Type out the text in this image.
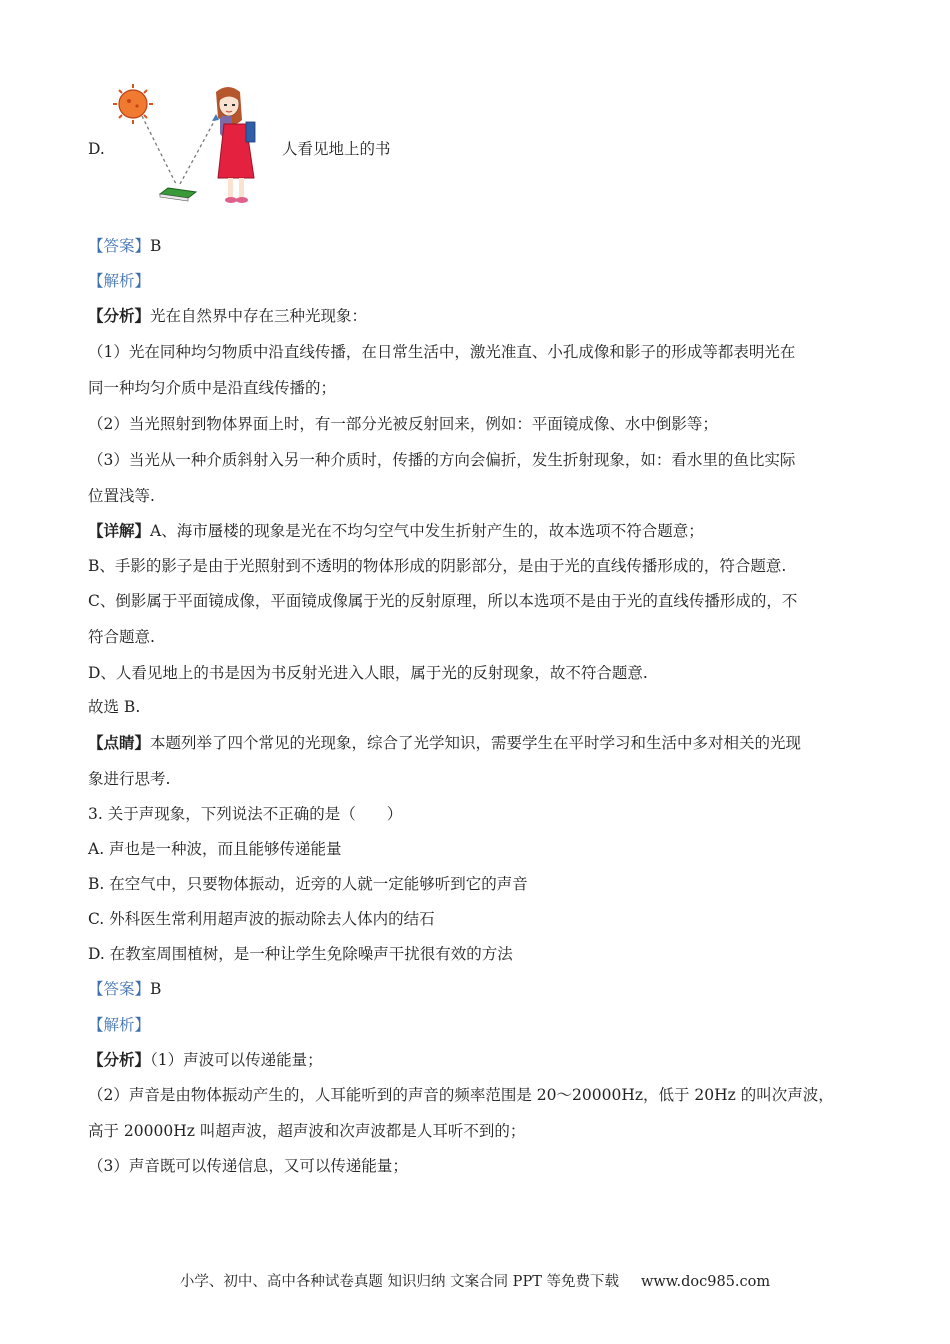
D.	人看见地上的书
【答案】B
【解析】
【分析】光在自然界中存在三种光现象：
（1）光在同种均匀物质中沿直线传播，在日常生活中，激光准直、小孔成像和影子的形成等都表明光在
同一种均匀介质中是沿直线传播的；
（2）当光照射到物体界面上时，有一部分光被反射回来，例如：平面镜成像、水中倒影等；
（3）当光从一种介质斜射入另一种介质时，传播的方向会偏折，发生折射现象，如：看水里的鱼比实际
位置浅等.
【详解】A、海市蜃楼的现象是光在不均匀空气中发生折射产生的，故本选项不符合题意；
B、手影的影子是由于光照射到不透明的物体形成的阴影部分，是由于光的直线传播形成的，符合题意.
C、倒影属于平面镜成像，平面镜成像属于光的反射原理，所以本选项不是由于光的直线传播形成的，不
符合题意.
D、人看见地上的书是因为书反射光进入人眼，属于光的反射现象，故不符合题意.
故选 B.
【点睛】本题列举了四个常见的光现象，综合了光学知识，需要学生在平时学习和生活中多对相关的光现
象进行思考.
3. 关于声现象，下列说法不正确的是（　　）
A. 声也是一种波，而且能够传递能量
B. 在空气中，只要物体振动，近旁的人就一定能够听到它的声音
C. 外科医生常利用超声波的振动除去人体内的结石
D. 在教室周围植树，是一种让学生免除噪声干扰很有效的方法
【答案】B
【解析】
【分析】（1）声波可以传递能量；
（2）声音是由物体振动产生的，人耳能听到的声音的频率范围是 20～20000Hz，低于 20Hz 的叫次声波，
高于 20000Hz 叫超声波，超声波和次声波都是人耳听不到的；
（3）声音既可以传递信息，又可以传递能量；
小学、初中、高中各种试卷真题 知识归纳 文案合同 PPT 等免费下载 www.doc985.com
